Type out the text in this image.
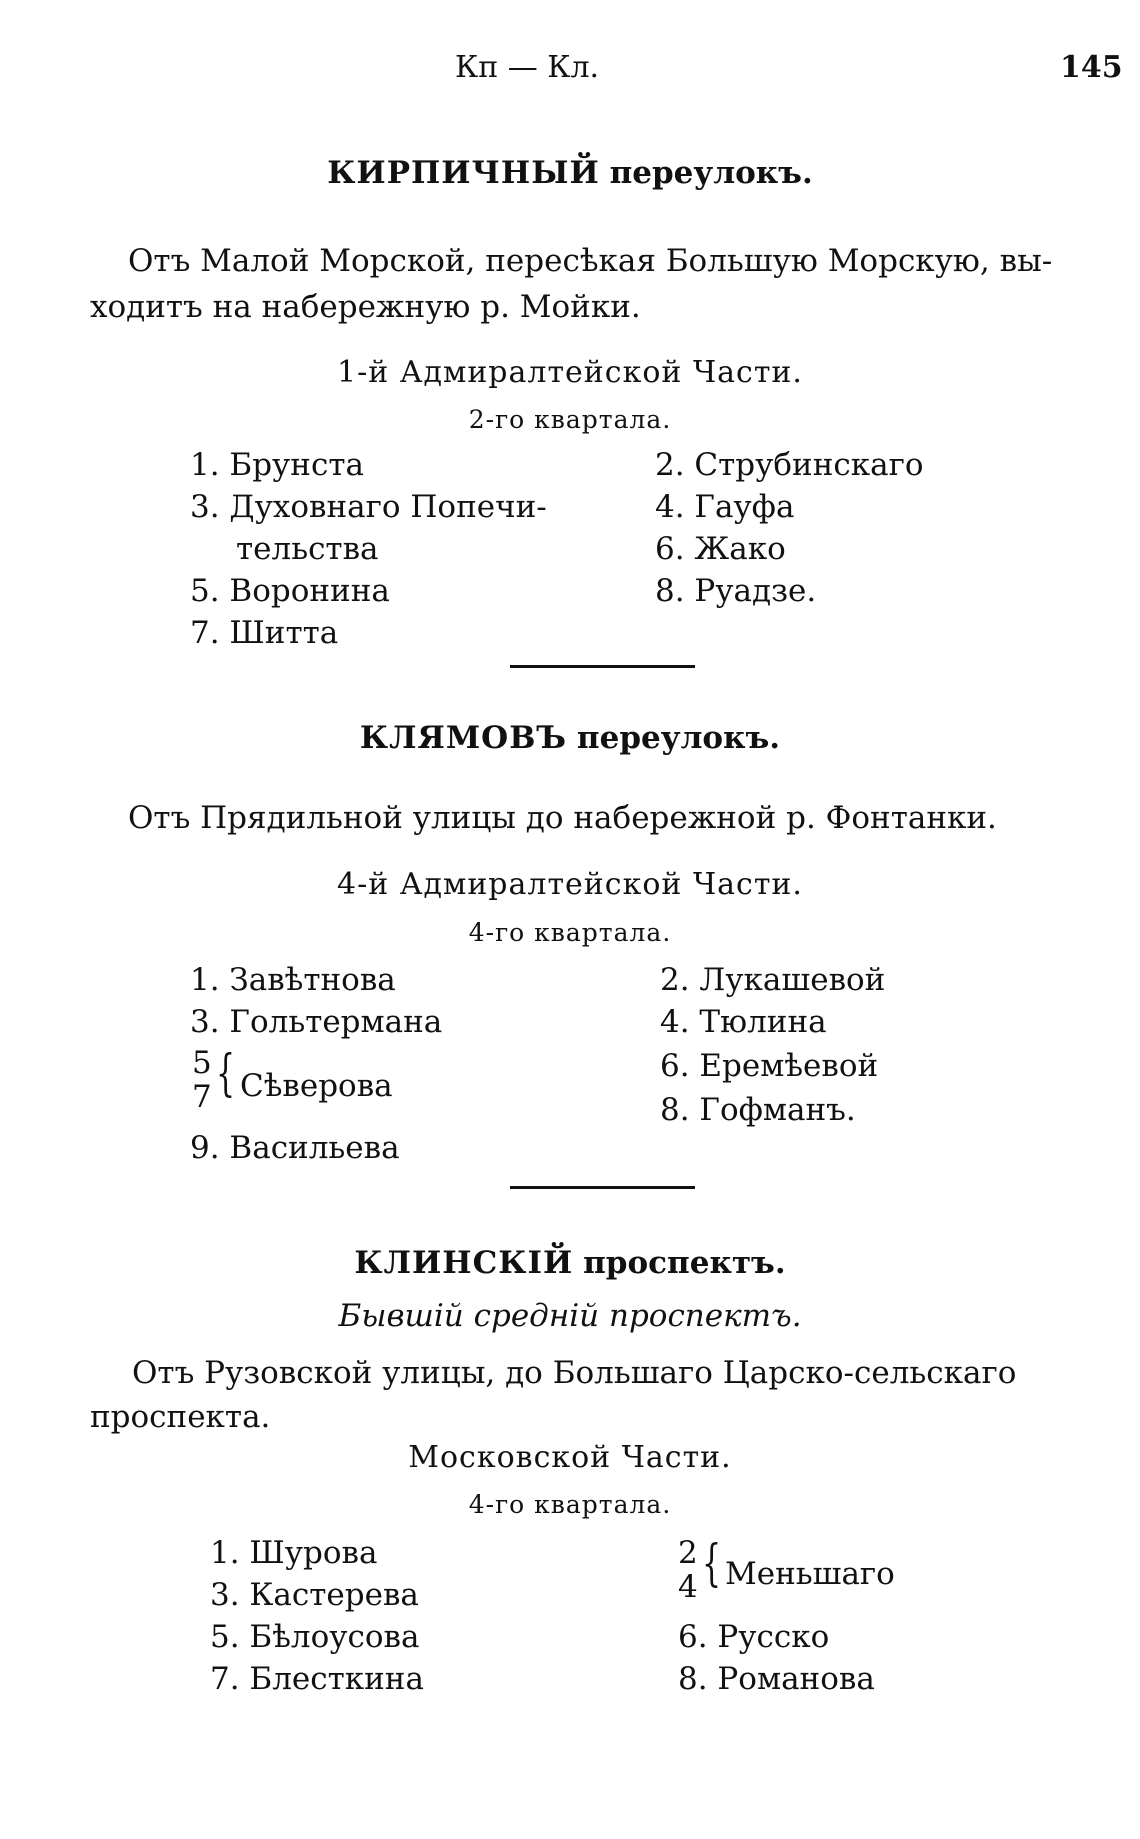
Кп — Кл.	145
КИРПИЧНЫЙ переулокъ.
Отъ Малой Морской, пересѣкая Большую Морскую, вы-
ходитъ на набережную р. Мойки.
1-й Адмиралтейской Части.
2-го квартала.
1. Брунста
3. Духовнаго Попечи-
тельства
5. Воронина
7. Шитта
2. Струбинскаго
4. Гауфа
6. Жако
8. Руадзе.
КЛЯМОВЪ переулокъ.
Отъ Прядильной улицы до набережной р. Фонтанки.
4-й Адмиралтейской Части.
4-го квартала.
1. Завѣтнова
3. Гольтермана
5
7 { Сѣверова
9. Васильева
2. Лукашевой
4. Тюлина
6. Еремѣевой
8. Гофманъ.
КЛИНСКІЙ проспектъ.
Бывшій средній проспектъ.
Отъ Рузовской улицы, до Большаго Царско-сельскаго
проспекта.
Московской Части.
4-го квартала.
1. Шурова
3. Кастерева
5. Бѣлоусова
7. Блесткина
2
4 { Меньшаго
6. Русско
8. Романова
